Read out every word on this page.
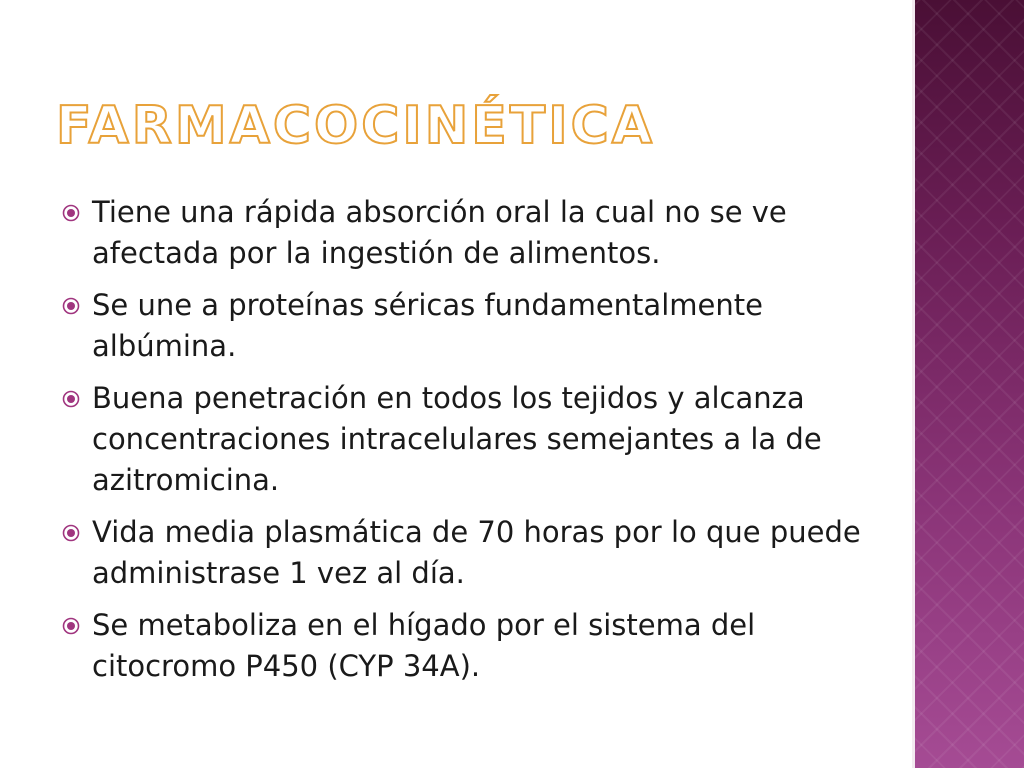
FARMACOCINÉTICA
Tiene una rápida absorción oral la cual no se ve afectada por la ingestión de alimentos.
Se une a proteínas séricas fundamentalmente albúmina.
Buena penetración en todos los tejidos y alcanza concentraciones intracelulares semejantes a la de azitromicina.
Vida media plasmática de 70 horas por lo que puede administrase 1 vez al día.
Se metaboliza en el hígado por el sistema del citocromo P450 (CYP 34A).
